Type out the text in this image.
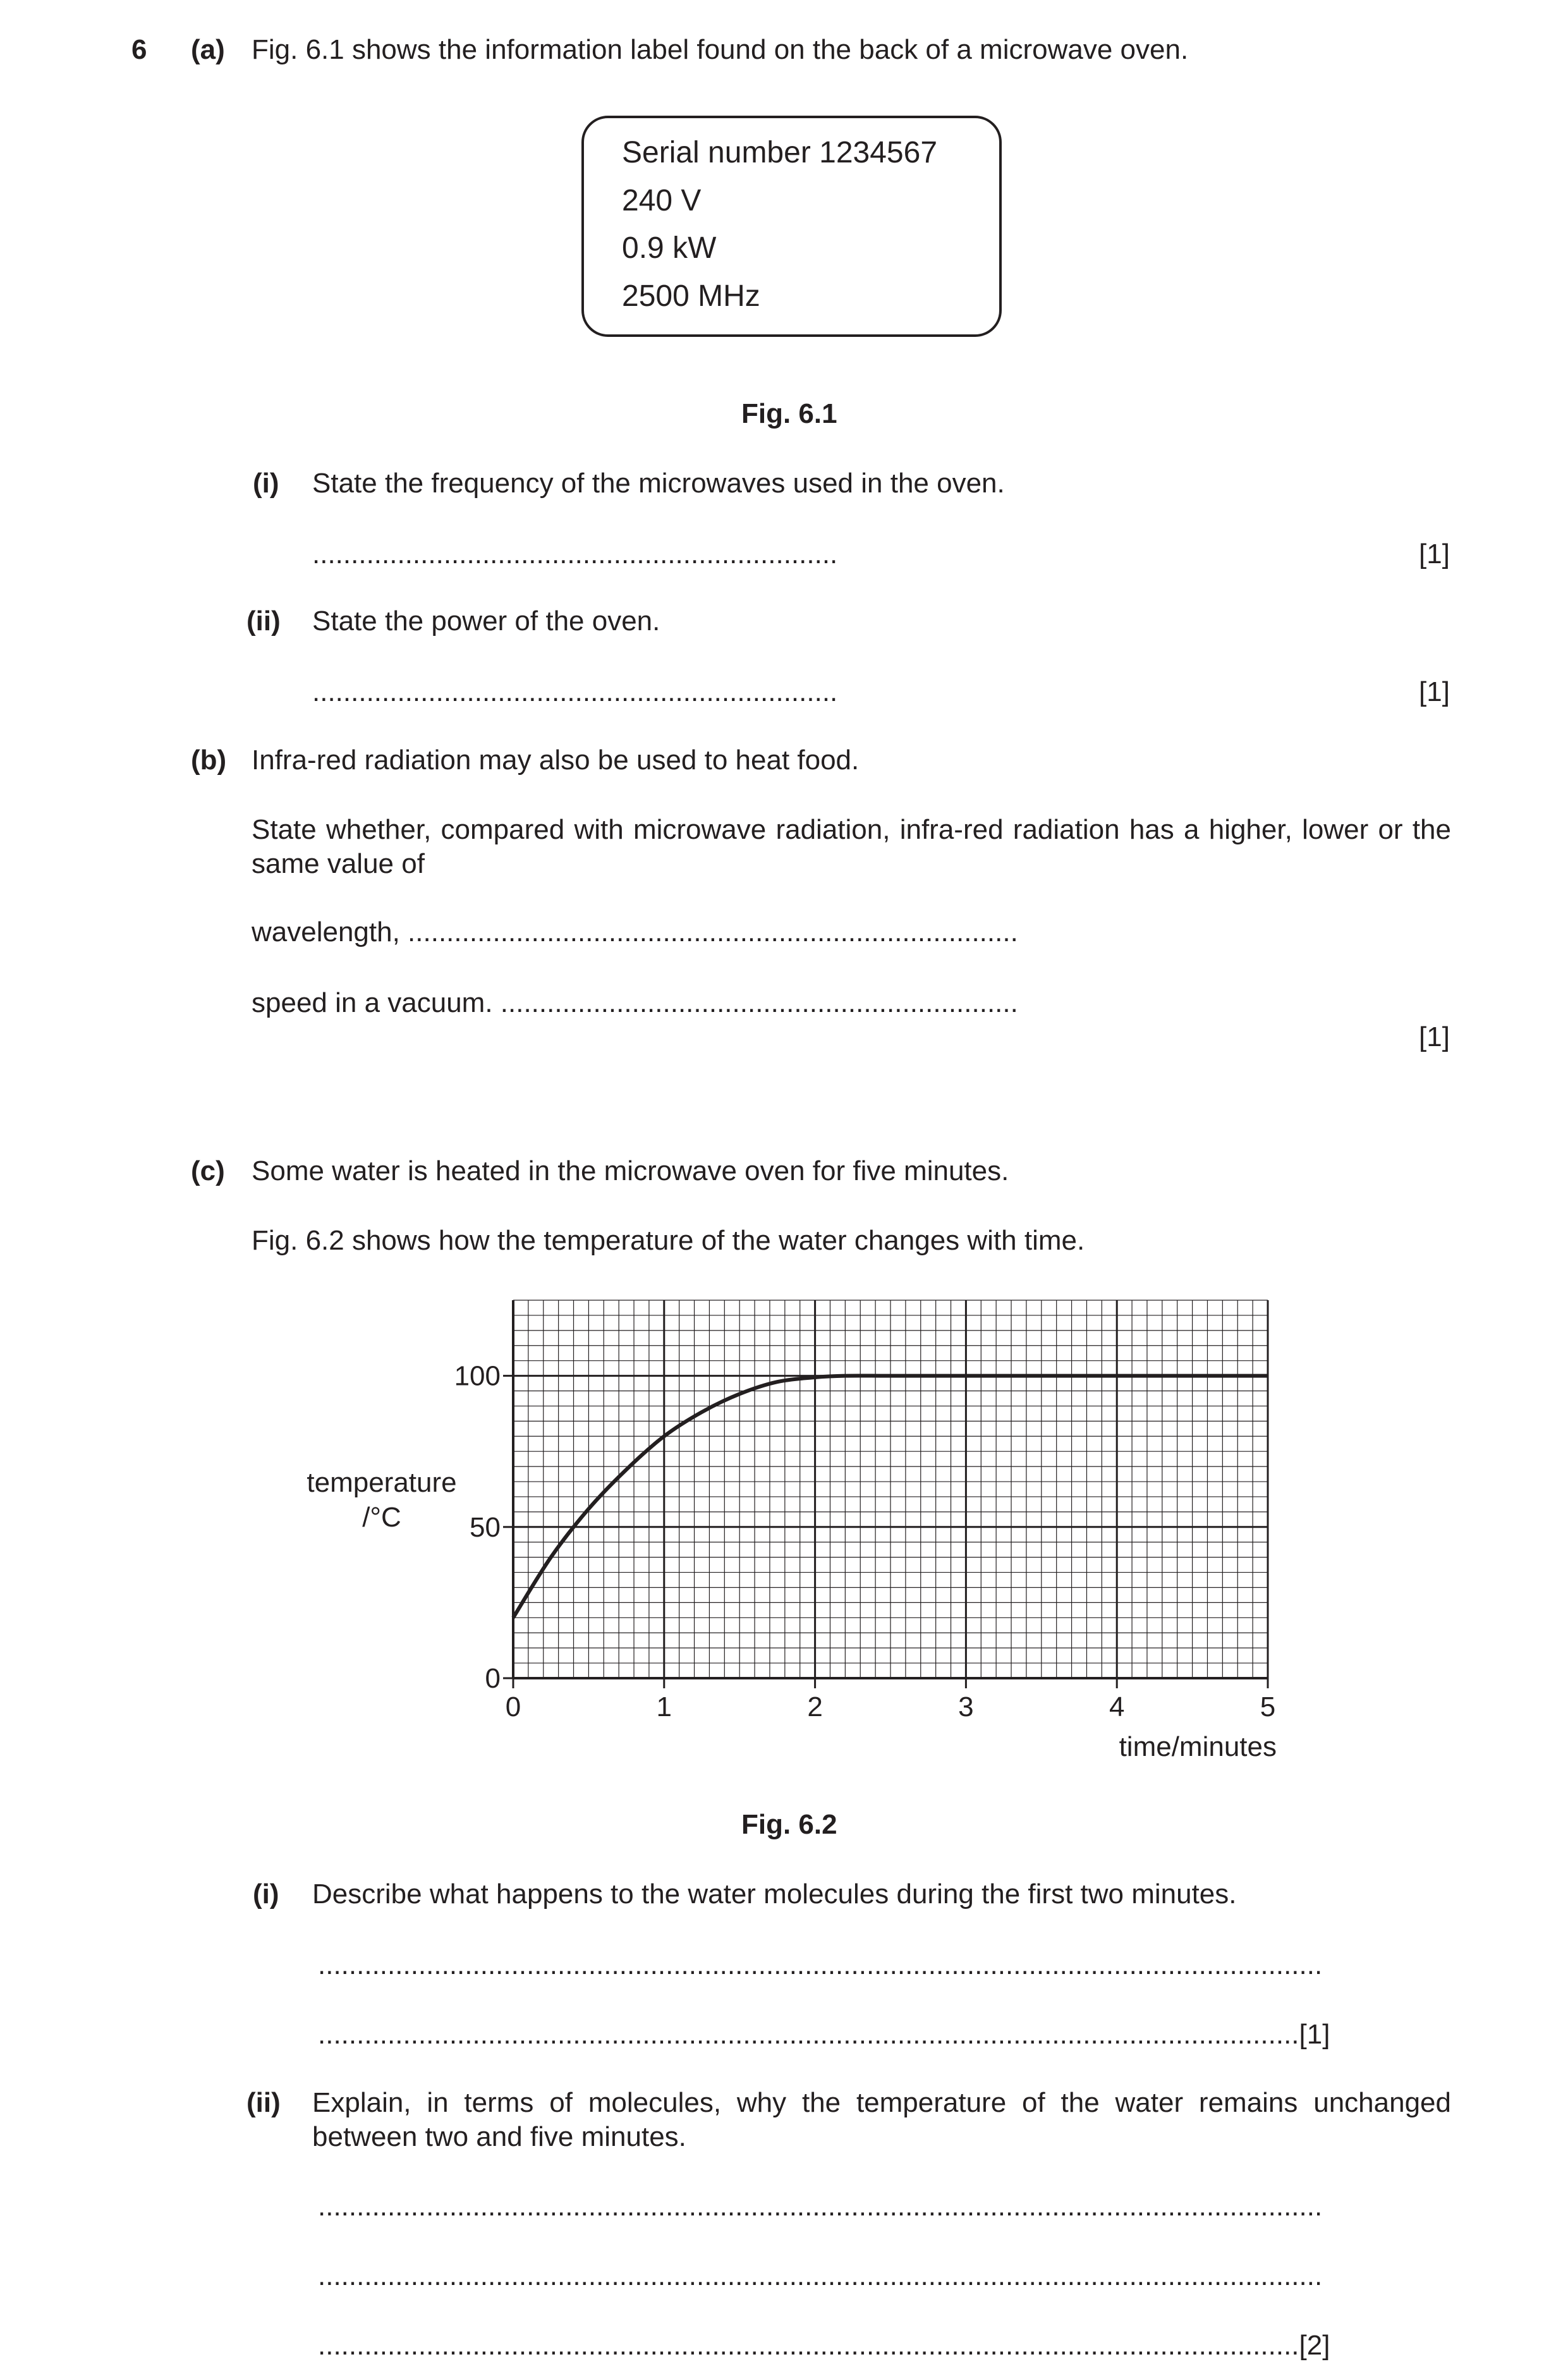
6 (a) Fig. 6.1 shows the information label found on the back of a microwave oven.
Serial number 1234567
240 V
0.9 kW
2500 MHz
Fig. 6.1
(i) State the frequency of the microwaves used in the oven.
....................................................................	[1]
(ii) State the power of the oven.
....................................................................	[1]
(b) Infra-red radiation may also be used to heat food.
State whether, compared with microwave radiation, infra-red radiation has a higher, lower or the same value of
wavelength, ...............................................................................
speed in a vacuum. ...................................................................
[1]
(c) Some water is heated in the microwave oven for five minutes.
Fig. 6.2 shows how the temperature of the water changes with time.
0	1	2	3	4	5
0
50
100
temperature
/°C
time/minutes
Fig. 6.2
(i) Describe what happens to the water molecules during the first two minutes.
..................................................................................................................................
...............................................................................................................................[1]
(ii) Explain, in terms of molecules, why the temperature of the water remains unchanged between two and five minutes.
..................................................................................................................................
..................................................................................................................................
...............................................................................................................................[2]
